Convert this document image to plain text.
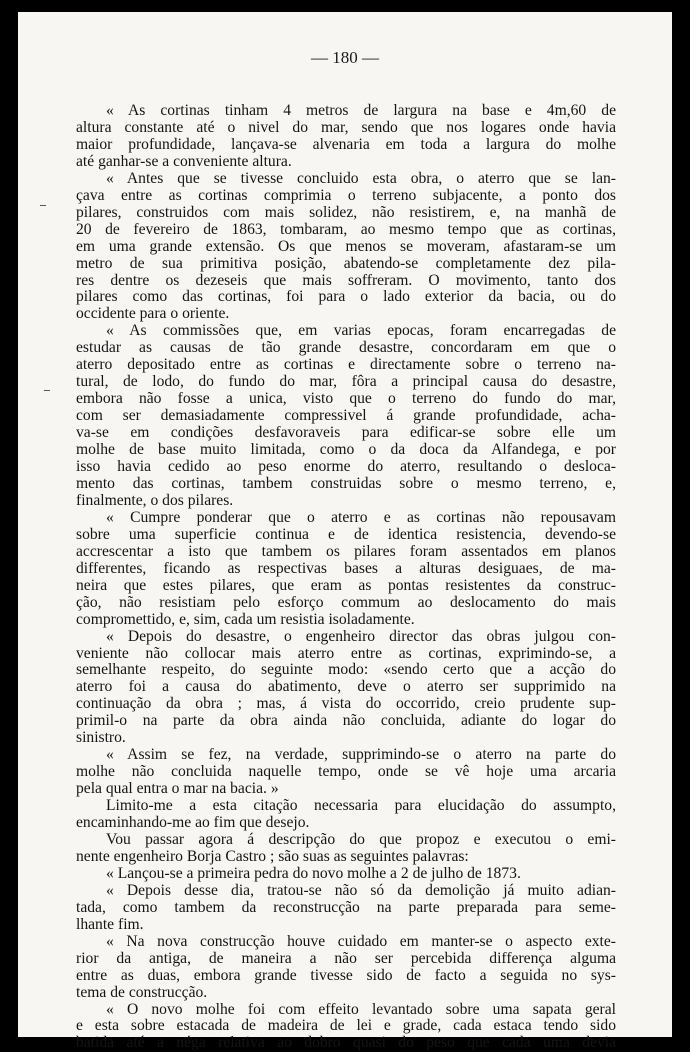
— 180 —
« As cortinas tinham 4 metros de largura na base e 4m,60 de
altura constante até o nivel do mar, sendo que nos logares onde havia
maior profundidade, lançava-se alvenaria em toda a largura do molhe
até ganhar-se a conveniente altura.
« Antes que se tivesse concluido esta obra, o aterro que se lan-
çava entre as cortinas comprimia o terreno subjacente, a ponto dos
pilares, construidos com mais solidez, não resistirem, e, na manhã de
20 de fevereiro de 1863, tombaram, ao mesmo tempo que as cortinas,
em uma grande extensão. Os que menos se moveram, afastaram-se um
metro de sua primitiva posição, abatendo-se completamente dez pila-
res dentre os dezeseis que mais soffreram. O movimento, tanto dos
pilares como das cortinas, foi para o lado exterior da bacia, ou do
occidente para o oriente.
« As commissões que, em varias epocas, foram encarregadas de
estudar as causas de tão grande desastre, concordaram em que o
aterro depositado entre as cortinas e directamente sobre o terreno na-
tural, de lodo, do fundo do mar, fôra a principal causa do desastre,
embora não fosse a unica, visto que o terreno do fundo do mar,
com ser demasiadamente compressivel á grande profundidade, acha-
va-se em condições desfavoraveis para edificar-se sobre elle um
molhe de base muito limitada, como o da doca da Alfandega, e por
isso havia cedido ao peso enorme do aterro, resultando o desloca-
mento das cortinas, tambem construidas sobre o mesmo terreno, e,
finalmente, o dos pilares.
« Cumpre ponderar que o aterro e as cortinas não repousavam
sobre uma superficie continua e de identica resistencia, devendo-se
accrescentar a isto que tambem os pilares foram assentados em planos
differentes, ficando as respectivas bases a alturas desiguaes, de ma-
neira que estes pilares, que eram as pontas resistentes da construc-
ção, não resistiam pelo esforço commum ao deslocamento do mais
compromettido, e, sim, cada um resistia isoladamente.
« Depois do desastre, o engenheiro director das obras julgou con-
veniente não collocar mais aterro entre as cortinas, exprimindo-se, a
semelhante respeito, do seguinte modo: «sendo certo que a acção do
aterro foi a causa do abatimento, deve o aterro ser supprimido na
continuação da obra ; mas, á vista do occorrido, creio prudente sup-
primil-o na parte da obra ainda não concluida, adiante do logar do
sinistro.
« Assim se fez, na verdade, supprimindo-se o aterro na parte do
molhe não concluida naquelle tempo, onde se vê hoje uma arcaria
pela qual entra o mar na bacia. »
Limito-me a esta citação necessaria para elucidação do assumpto,
encaminhando-me ao fim que desejo.
Vou passar agora á descripção do que propoz e executou o emi-
nente engenheiro Borja Castro ; são suas as seguintes palavras:
« Lançou-se a primeira pedra do novo molhe a 2 de julho de 1873.
« Depois desse dia, tratou-se não só da demolição já muito adian-
tada, como tambem da reconstrucção na parte preparada para seme-
lhante fim.
« Na nova construcção houve cuidado em manter-se o aspecto exte-
rior da antiga, de maneira a não ser percebida differença alguma
entre as duas, embora grande tivesse sido de facto a seguida no sys-
tema de construcção.
« O novo molhe foi com effeito levantado sobre uma sapata geral
e esta sobre estacada de madeira de lei e grade, cada estaca tendo sido
batida até a néga relativa ao dobro quasi do peso que cada uma devia
